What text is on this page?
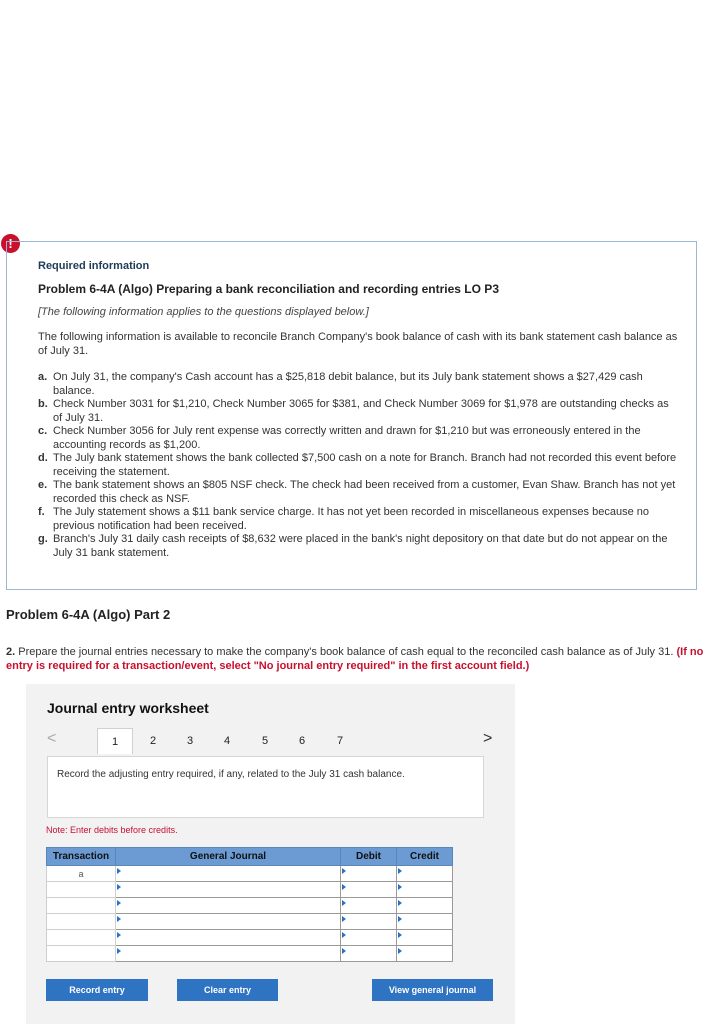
!
Required information
Problem 6-4A (Algo) Preparing a bank reconciliation and recording entries LO P3
[The following information applies to the questions displayed below.]
The following information is available to reconcile Branch Company's book balance of cash with its bank statement cash balance as of July 31.
a. On July 31, the company's Cash account has a $25,818 debit balance, but its July bank statement shows a $27,429 cash balance.
b. Check Number 3031 for $1,210, Check Number 3065 for $381, and Check Number 3069 for $1,978 are outstanding checks as of July 31.
c. Check Number 3056 for July rent expense was correctly written and drawn for $1,210 but was erroneously entered in the accounting records as $1,200.
d. The July bank statement shows the bank collected $7,500 cash on a note for Branch. Branch had not recorded this event before receiving the statement.
e. The bank statement shows an $805 NSF check. The check had been received from a customer, Evan Shaw. Branch has not yet recorded this check as NSF.
f. The July statement shows a $11 bank service charge. It has not yet been recorded in miscellaneous expenses because no previous notification had been received.
g. Branch's July 31 daily cash receipts of $8,632 were placed in the bank's night depository on that date but do not appear on the July 31 bank statement.
Problem 6-4A (Algo) Part 2
2. Prepare the journal entries necessary to make the company's book balance of cash equal to the reconciled cash balance as of July 31. (If no entry is required for a transaction/event, select "No journal entry required" in the first account field.)
Journal entry worksheet
<	1	2	3	4	5	6	7	>
Record the adjusting entry required, if any, related to the July 31 cash balance.
Note: Enter debits before credits.
Transaction	General Journal	Debit	Credit
a			

Record entry	Clear entry	View general journal
